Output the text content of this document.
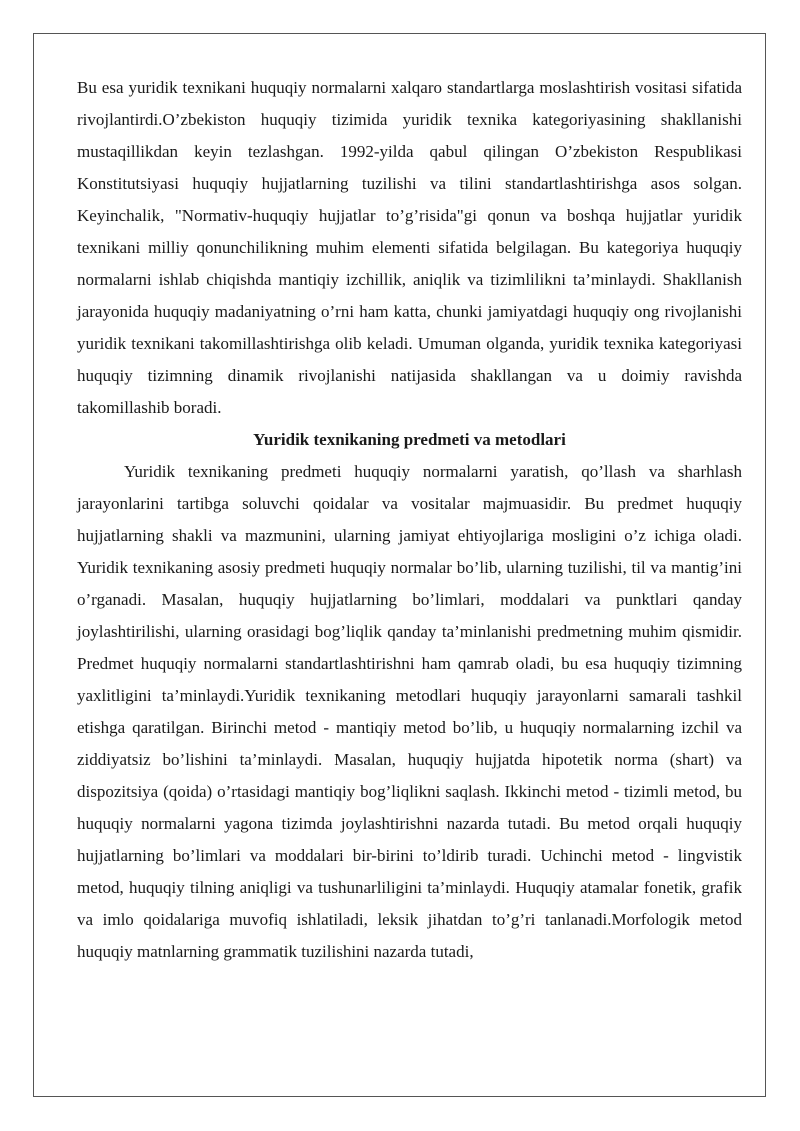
Bu esa yuridik texnikani huquqiy normalarni xalqaro standartlarga moslashtirish vositasi sifatida rivojlantirdi.O’zbekiston huquqiy tizimida yuridik texnika kategoriyasining shakllanishi mustaqillikdan keyin tezlashgan. 1992-yilda qabul qilingan O’zbekiston Respublikasi Konstitutsiyasi huquqiy hujjatlarning tuzilishi va tilini standartlashtirishga asos solgan. Keyinchalik, "Normativ-huquqiy hujjatlar to’g’risida"gi qonun va boshqa hujjatlar yuridik texnikani milliy qonunchilikning muhim elementi sifatida belgilagan. Bu kategoriya huquqiy normalarni ishlab chiqishda mantiqiy izchillik, aniqlik va tizimlilikni ta’minlaydi. Shakllanish jarayonida huquqiy madaniyatning o’rni ham katta, chunki jamiyatdagi huquqiy ong rivojlanishi yuridik texnikani takomillashtirishga olib keladi. Umuman olganda, yuridik texnika kategoriyasi huquqiy tizimning dinamik rivojlanishi natijasida shakllangan va u doimiy ravishda takomillashib boradi.

Yuridik texnikaning predmeti va metodlari

Yuridik texnikaning predmeti huquqiy normalarni yaratish, qo’llash va sharhlash jarayonlarini tartibga soluvchi qoidalar va vositalar majmuasidir. Bu predmet huquqiy hujjatlarning shakli va mazmunini, ularning jamiyat ehtiyojlariga mosligini o’z ichiga oladi. Yuridik texnikaning asosiy predmeti huquqiy normalar bo’lib, ularning tuzilishi, til va mantig’ini o’rganadi. Masalan, huquqiy hujjatlarning bo’limlari, moddalari va punktlari qanday joylashtirilishi, ularning orasidagi bog’liqlik qanday ta’minlanishi predmetning muhim qismidir. Predmet huquqiy normalarni standartlashtirishni ham qamrab oladi, bu esa huquqiy tizimning yaxlitligini ta’minlaydi.Yuridik texnikaning metodlari huquqiy jarayonlarni samarali tashkil etishga qaratilgan. Birinchi metod - mantiqiy metod bo’lib, u huquqiy normalarning izchil va ziddiyatsiz bo’lishini ta’minlaydi. Masalan, huquqiy hujjatda hipotetik norma (shart) va dispozitsiya (qoida) o’rtasidagi mantiqiy bog’liqlikni saqlash. Ikkinchi metod - tizimli metod, bu huquqiy normalarni yagona tizimda joylashtirishni nazarda tutadi. Bu metod orqali huquqiy hujjatlarning bo’limlari va moddalari bir-birini to’ldirib turadi. Uchinchi metod - lingvistik metod, huquqiy tilning aniqligi va tushunarliligini ta’minlaydi. Huquqiy atamalar fonetik, grafik va imlo qoidalariga muvofiq ishlatiladi, leksik jihatdan to’g’ri tanlanadi.Morfologik metod huquqiy matnlarning grammatik tuzilishini nazarda tutadi,
